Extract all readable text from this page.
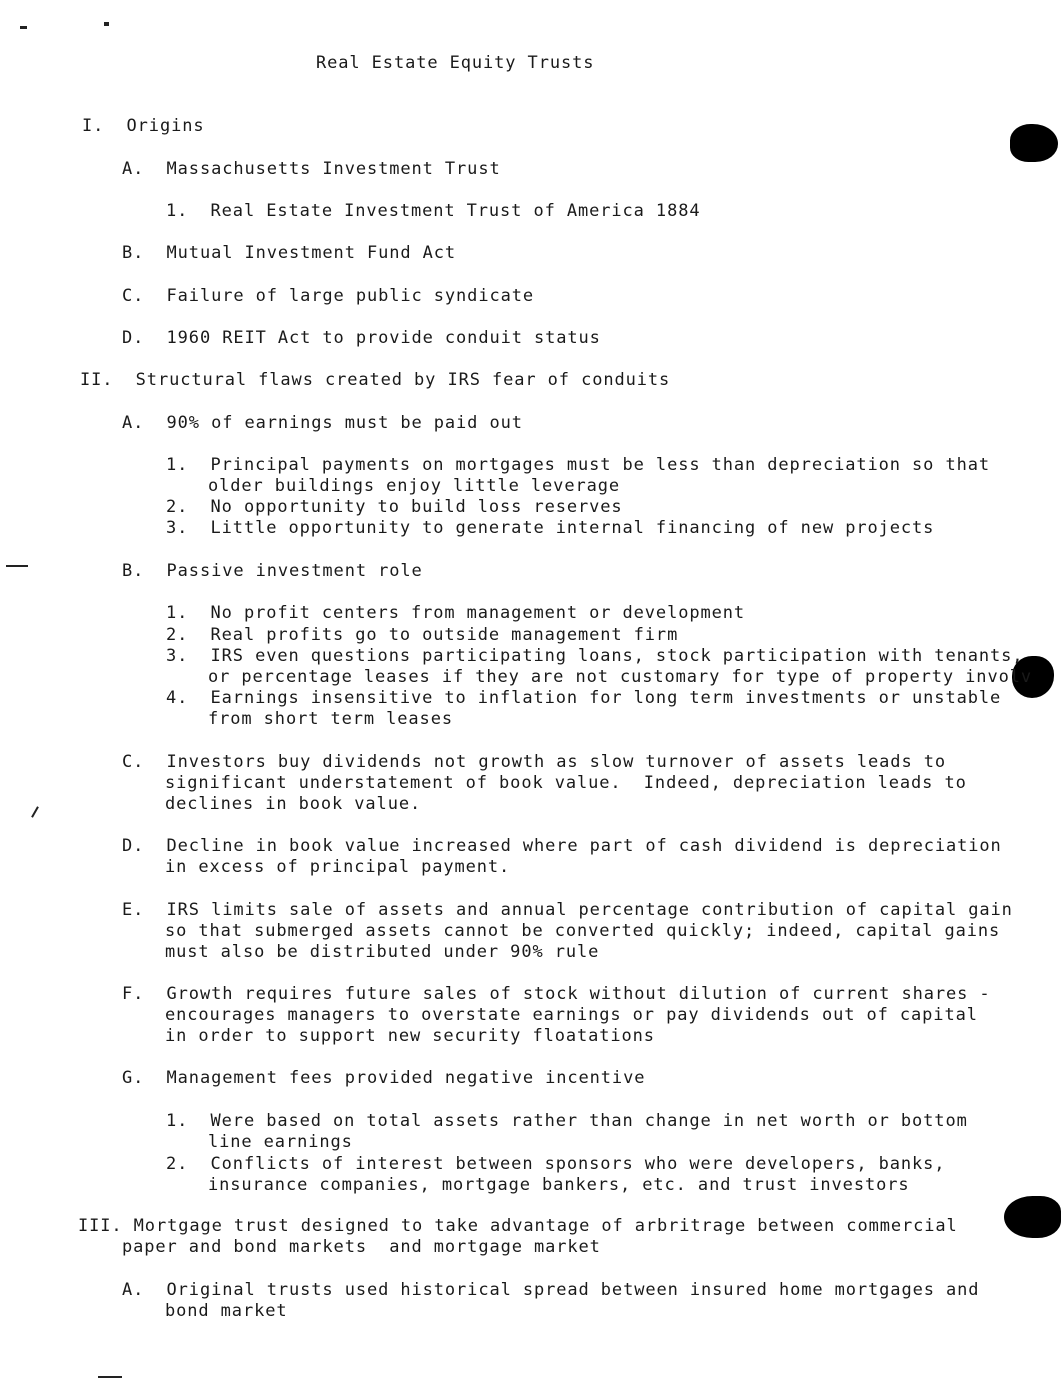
Real Estate Equity Trusts
I.  Origins
A.  Massachusetts Investment Trust
1.  Real Estate Investment Trust of America 1884
B.  Mutual Investment Fund Act
C.  Failure of large public syndicate
D.  1960 REIT Act to provide conduit status
II.  Structural flaws created by IRS fear of conduits
A.  90% of earnings must be paid out
1.  Principal payments on mortgages must be less than depreciation so that
older buildings enjoy little leverage
2.  No opportunity to build loss reserves
3.  Little opportunity to generate internal financing of new projects
B.  Passive investment role
1.  No profit centers from management or development
2.  Real profits go to outside management firm
3.  IRS even questions participating loans, stock participation with tenants,
or percentage leases if they are not customary for type of property involv
4.  Earnings insensitive to inflation for long term investments or unstable
from short term leases
C.  Investors buy dividends not growth as slow turnover of assets leads to
significant understatement of book value.  Indeed, depreciation leads to
declines in book value.
D.  Decline in book value increased where part of cash dividend is depreciation
in excess of principal payment.
E.  IRS limits sale of assets and annual percentage contribution of capital gain
so that submerged assets cannot be converted quickly; indeed, capital gains
must also be distributed under 90% rule
F.  Growth requires future sales of stock without dilution of current shares -
encourages managers to overstate earnings or pay dividends out of capital
in order to support new security floatations
G.  Management fees provided negative incentive
1.  Were based on total assets rather than change in net worth or bottom
line earnings
2.  Conflicts of interest between sponsors who were developers, banks,
insurance companies, mortgage bankers, etc. and trust investors
III. Mortgage trust designed to take advantage of arbritrage between commercial
paper and bond markets  and mortgage market
A.  Original trusts used historical spread between insured home mortgages and
bond market
